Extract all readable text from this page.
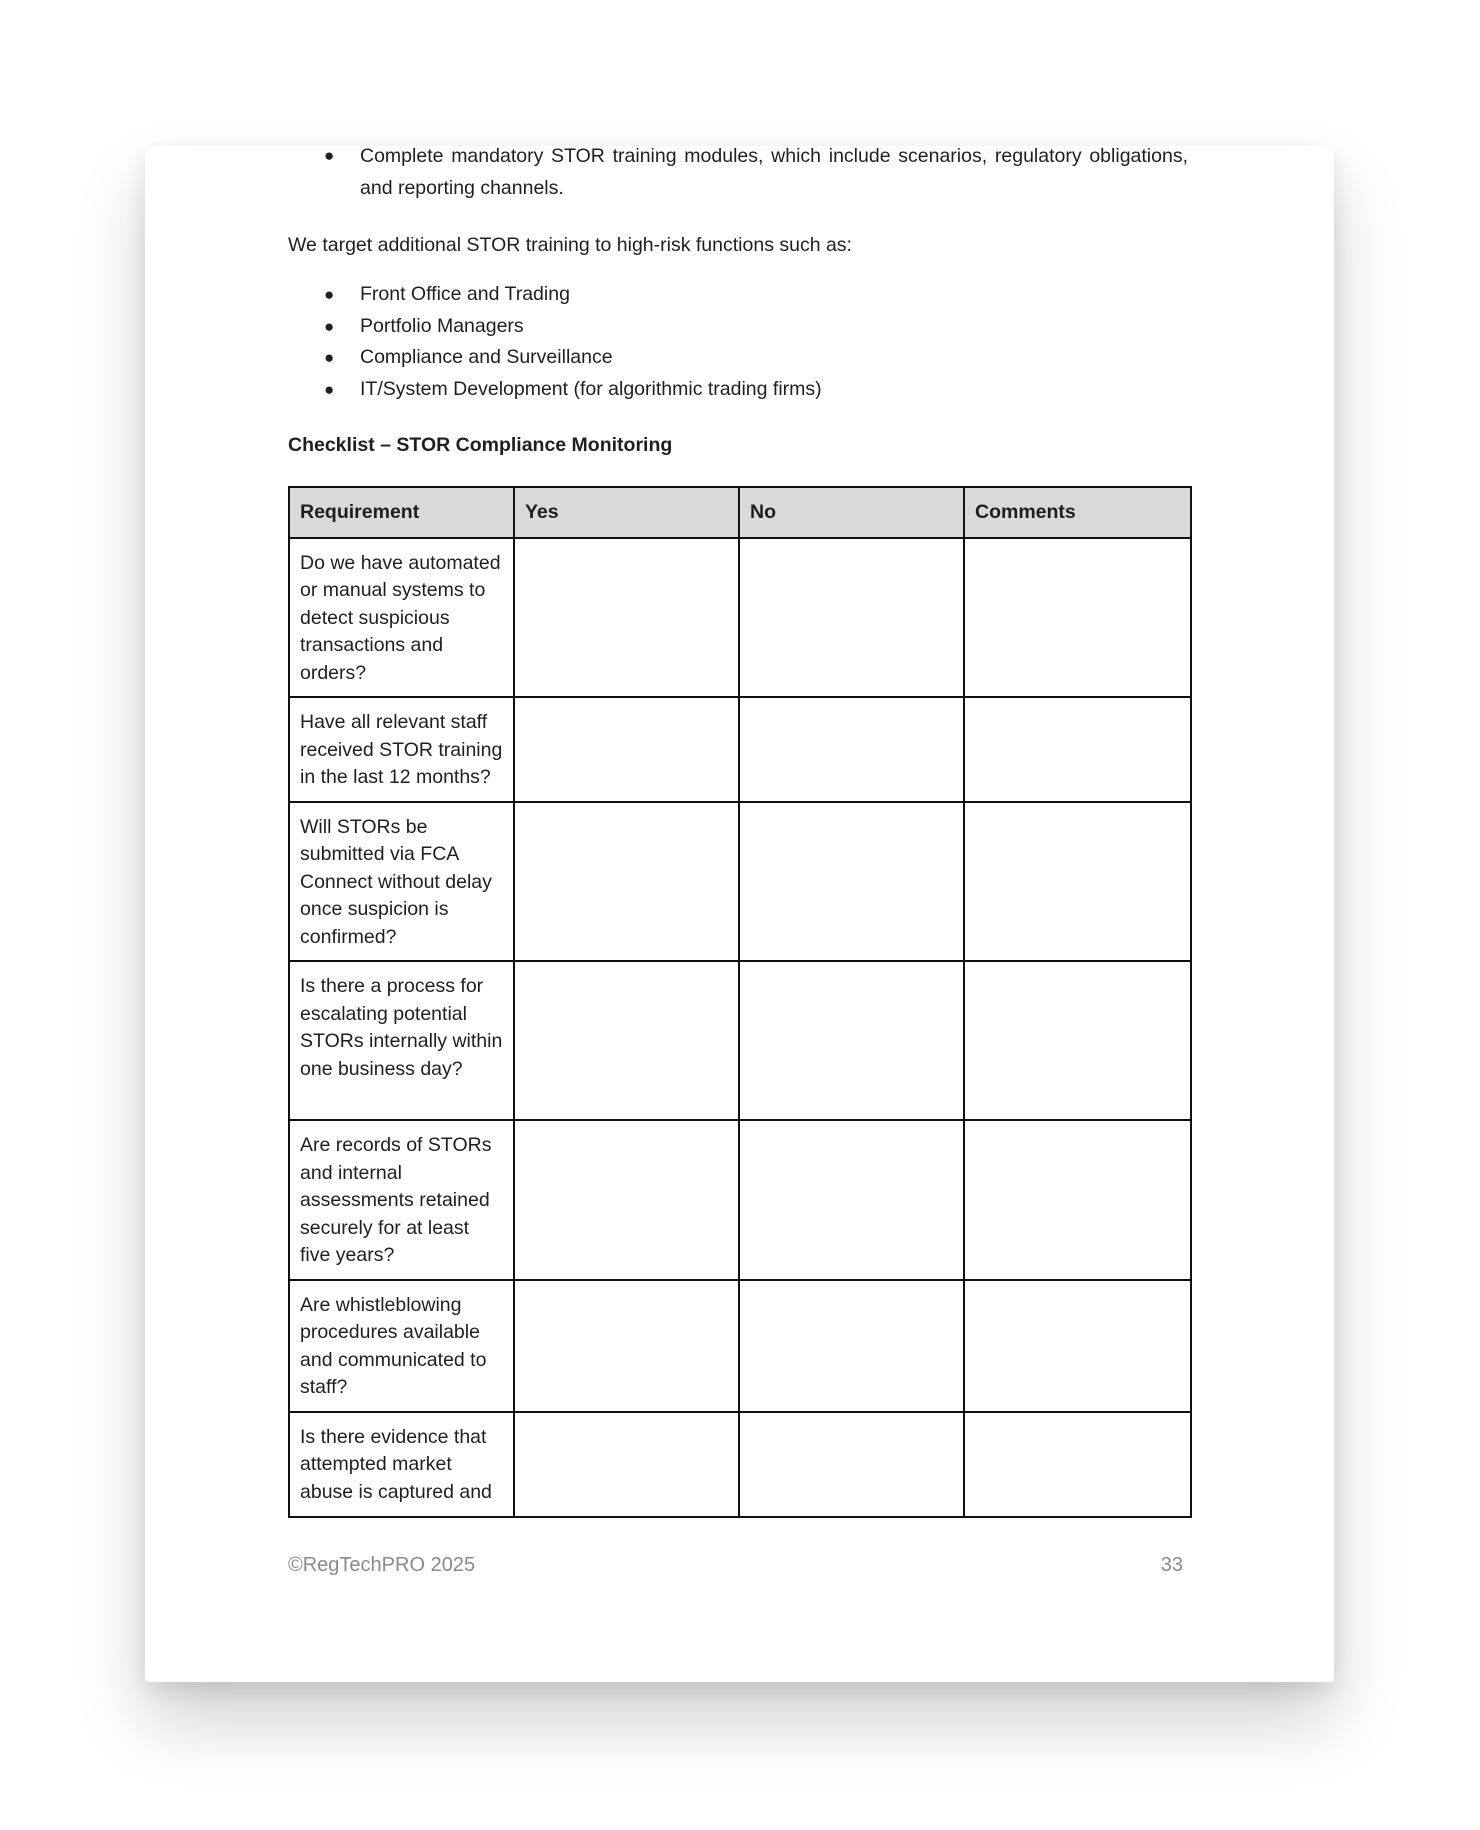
● Complete mandatory STOR training modules, which include scenarios, regulatory obligations, and reporting channels.
We target additional STOR training to high-risk functions such as:
● Front Office and Trading
● Portfolio Managers
● Compliance and Surveillance
● IT/System Development (for algorithmic trading firms)
Checklist – STOR Compliance Monitoring
Requirement	Yes	No	Comments
Do we have automated or manual systems to detect suspicious transactions and orders?			
Have all relevant staff received STOR training in the last 12 months?			
Will STORs be submitted via FCA Connect without delay once suspicion is confirmed?			
Is there a process for escalating potential STORs internally within one business day?			
Are records of STORs and internal assessments retained securely for at least five years?			
Are whistleblowing procedures available and communicated to staff?			
Is there evidence that attempted market abuse is captured and			
©RegTechPRO 2025	33
